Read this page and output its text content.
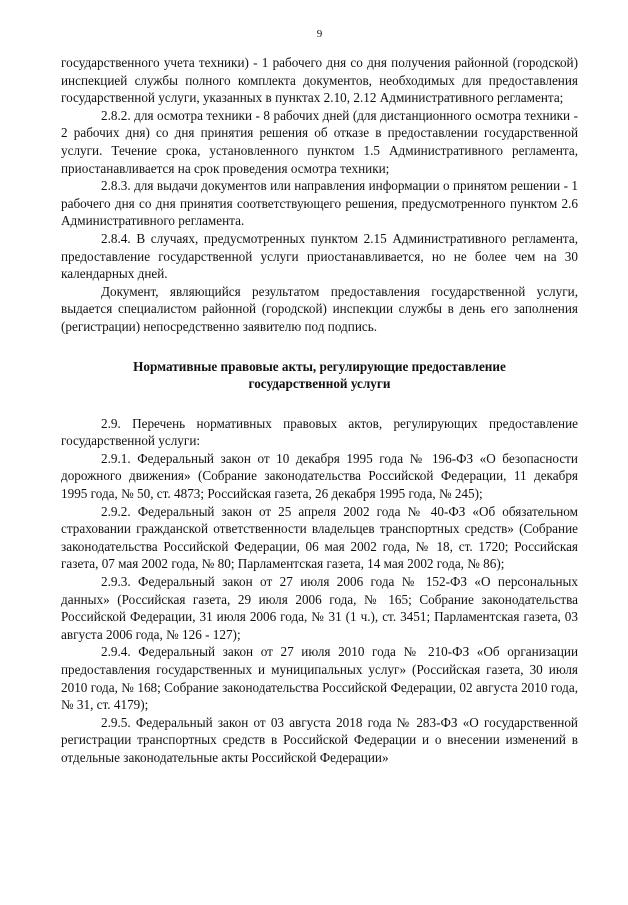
9

государственного учета техники) - 1 рабочего дня со дня получения районной (городской) инспекцией службы полного комплекта документов, необходимых для предоставления государственной услуги, указанных в пунктах 2.10, 2.12 Административного регламента;

2.8.2. для осмотра техники - 8 рабочих дней (для дистанционного осмотра техники - 2 рабочих дня) со дня принятия решения об отказе в предоставлении государственной услуги. Течение срока, установленного пунктом 1.5 Административного регламента, приостанавливается на срок проведения осмотра техники;

2.8.3. для выдачи документов или направления информации о принятом решении - 1 рабочего дня со дня принятия соответствующего решения, предусмотренного пунктом 2.6 Административного регламента.

2.8.4. В случаях, предусмотренных пунктом 2.15 Административного регламента, предоставление государственной услуги приостанавливается, но не более чем на 30 календарных дней.

Документ, являющийся результатом предоставления государственной услуги, выдается специалистом районной (городской) инспекции службы в день его заполнения (регистрации) непосредственно заявителю под подпись.

Нормативные правовые акты, регулирующие предоставление
государственной услуги

2.9. Перечень нормативных правовых актов, регулирующих предоставление государственной услуги:

2.9.1. Федеральный закон от 10 декабря 1995 года № 196-ФЗ «О безопасности дорожного движения» (Собрание законодательства Российской Федерации, 11 декабря 1995 года, № 50, ст. 4873; Российская газета, 26 декабря 1995 года, № 245);

2.9.2. Федеральный закон от 25 апреля 2002 года № 40-ФЗ «Об обязательном страховании гражданской ответственности владельцев транспортных средств» (Собрание законодательства Российской Федерации, 06 мая 2002 года, № 18, ст. 1720; Российская газета, 07 мая 2002 года, № 80; Парламентская газета, 14 мая 2002 года, № 86);

2.9.3. Федеральный закон от 27 июля 2006 года № 152-ФЗ «О персональных данных» (Российская газета, 29 июля 2006 года, № 165; Собрание законодательства Российской Федерации, 31 июля 2006 года, № 31 (1 ч.), ст. 3451; Парламентская газета, 03 августа 2006 года, № 126 - 127);

2.9.4. Федеральный закон от 27 июля 2010 года № 210-ФЗ «Об организации предоставления государственных и муниципальных услуг» (Российская газета, 30 июля 2010 года, № 168; Собрание законодательства Российской Федерации, 02 августа 2010 года, № 31, ст. 4179);

2.9.5. Федеральный закон от 03 августа 2018 года № 283-ФЗ «О государственной регистрации транспортных средств в Российской Федерации и о внесении изменений в отдельные законодательные акты Российской Федерации»
